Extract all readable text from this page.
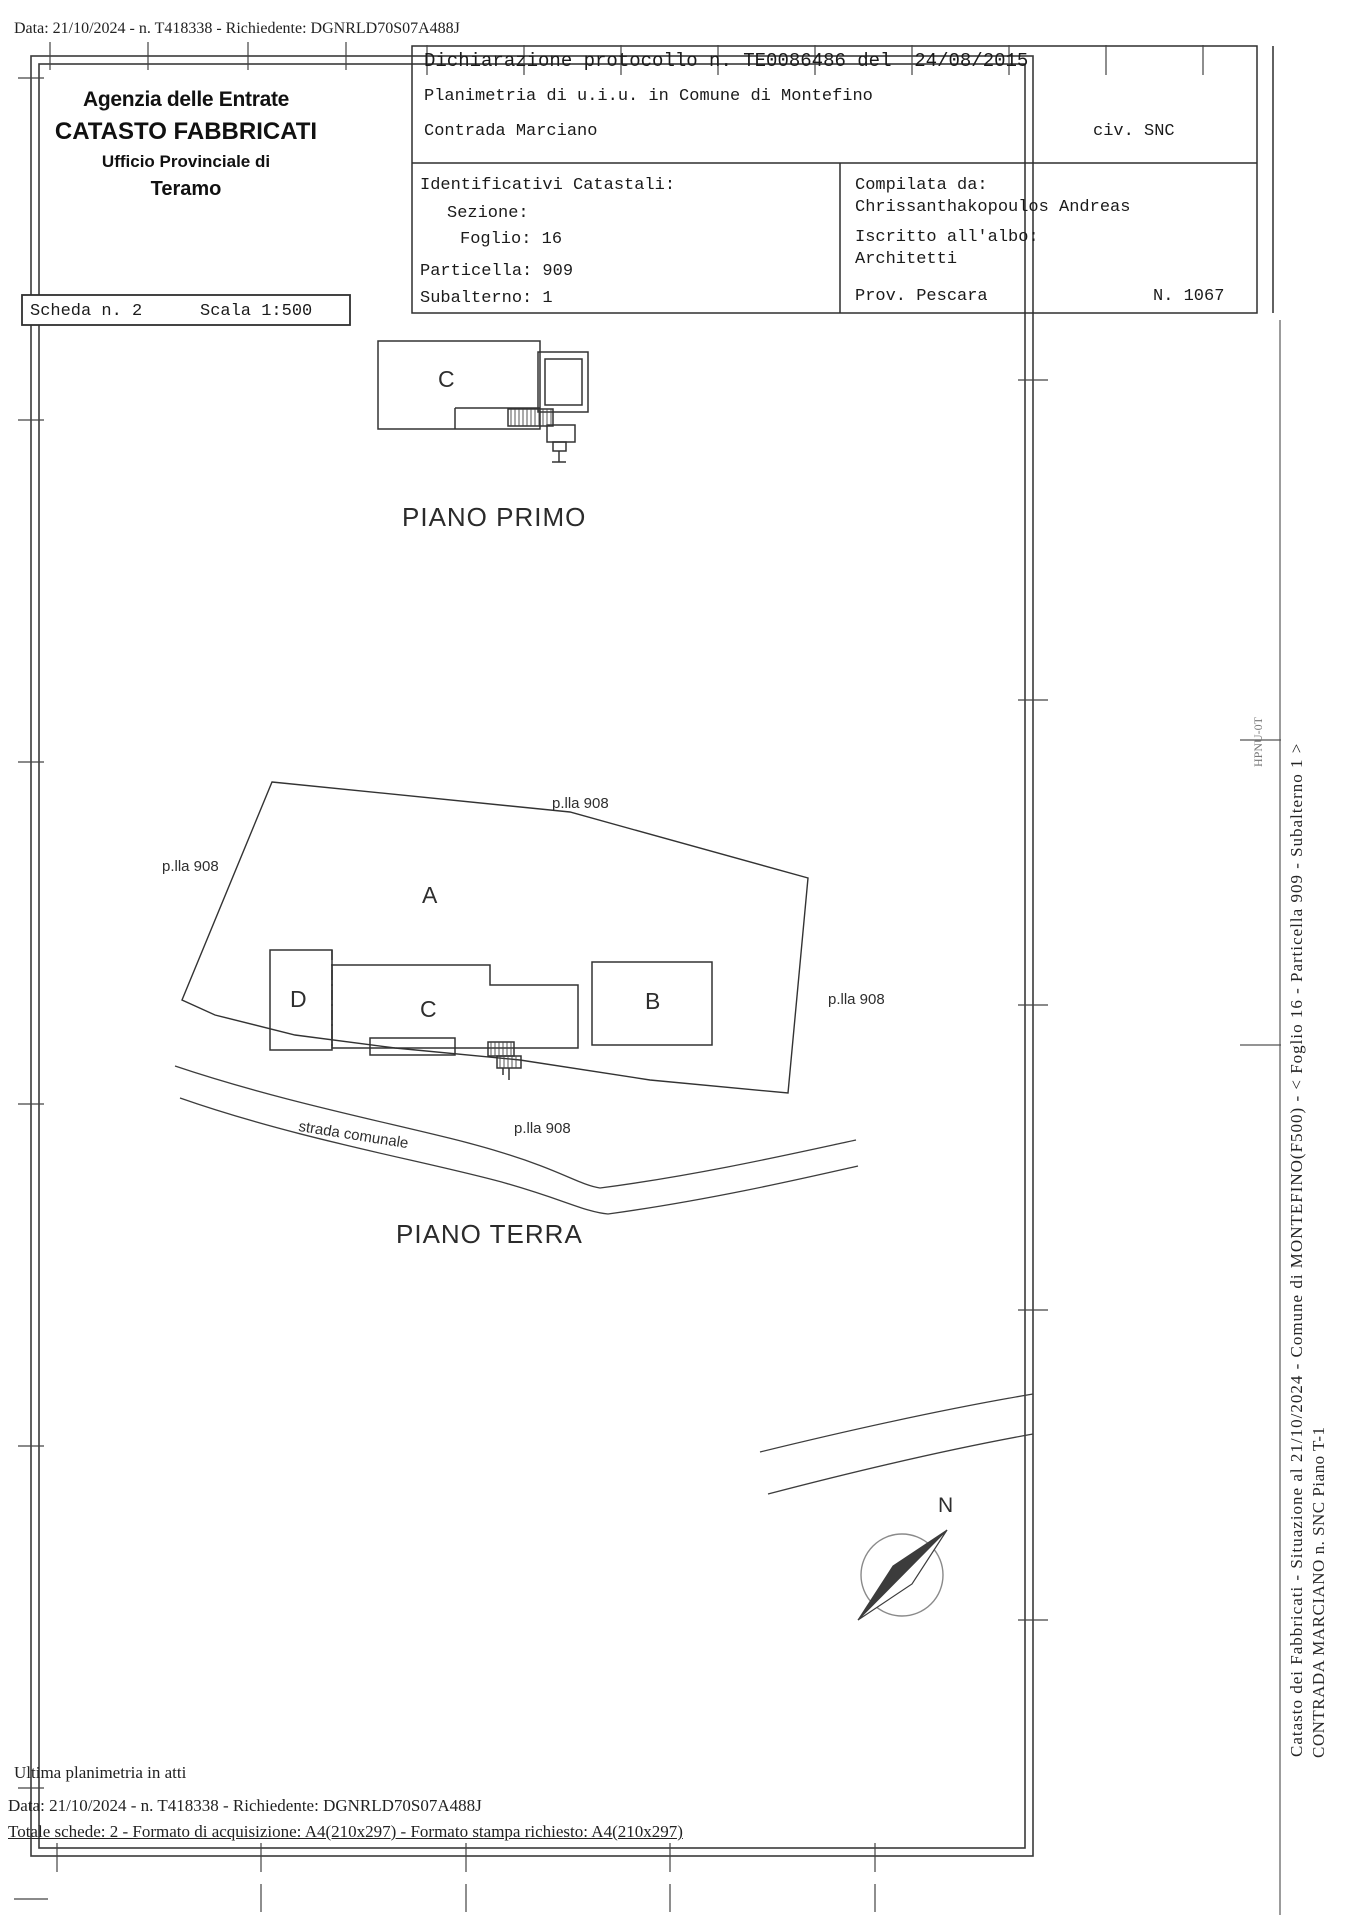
Data: 21/10/2024 - n. T418338 - Richiedente: DGNRLD70S07A488J
Agenzia delle Entrate
CATASTO FABBRICATI
Ufficio Provinciale di
Teramo
Scheda n. 2	Scala 1:500
Dichiarazione protocollo n. TE0086486 del  24/08/2015
Planimetria di u.i.u. in Comune di Montefino
Contrada Marciano	civ. SNC
Identificativi Catastali:
Sezione:
Foglio: 16
Particella: 909
Subalterno: 1
Compilata da:
Chrissanthakopoulos Andreas
Iscritto all'albo:
Architetti
Prov. Pescara	N. 1067
C
PIANO PRIMO
p.lla 908
p.lla 908
p.lla 908
p.lla 908
A
B
C
D
strada comunale
PIANO TERRA
N	Catasto dei Fabbricati - Situazione al 21/10/2024 - Comune di MONTEFINO(F500) - < Foglio 16 - Particella 909 - Subalterno 1 > CONTRADA MARCIANO n. SNC Piano T-1
HPNU-0T
Ultima planimetria in atti
Data: 21/10/2024 - n. T418338 - Richiedente: DGNRLD70S07A488J
Totale schede: 2 - Formato di acquisizione: A4(210x297) - Formato stampa richiesto: A4(210x297)
